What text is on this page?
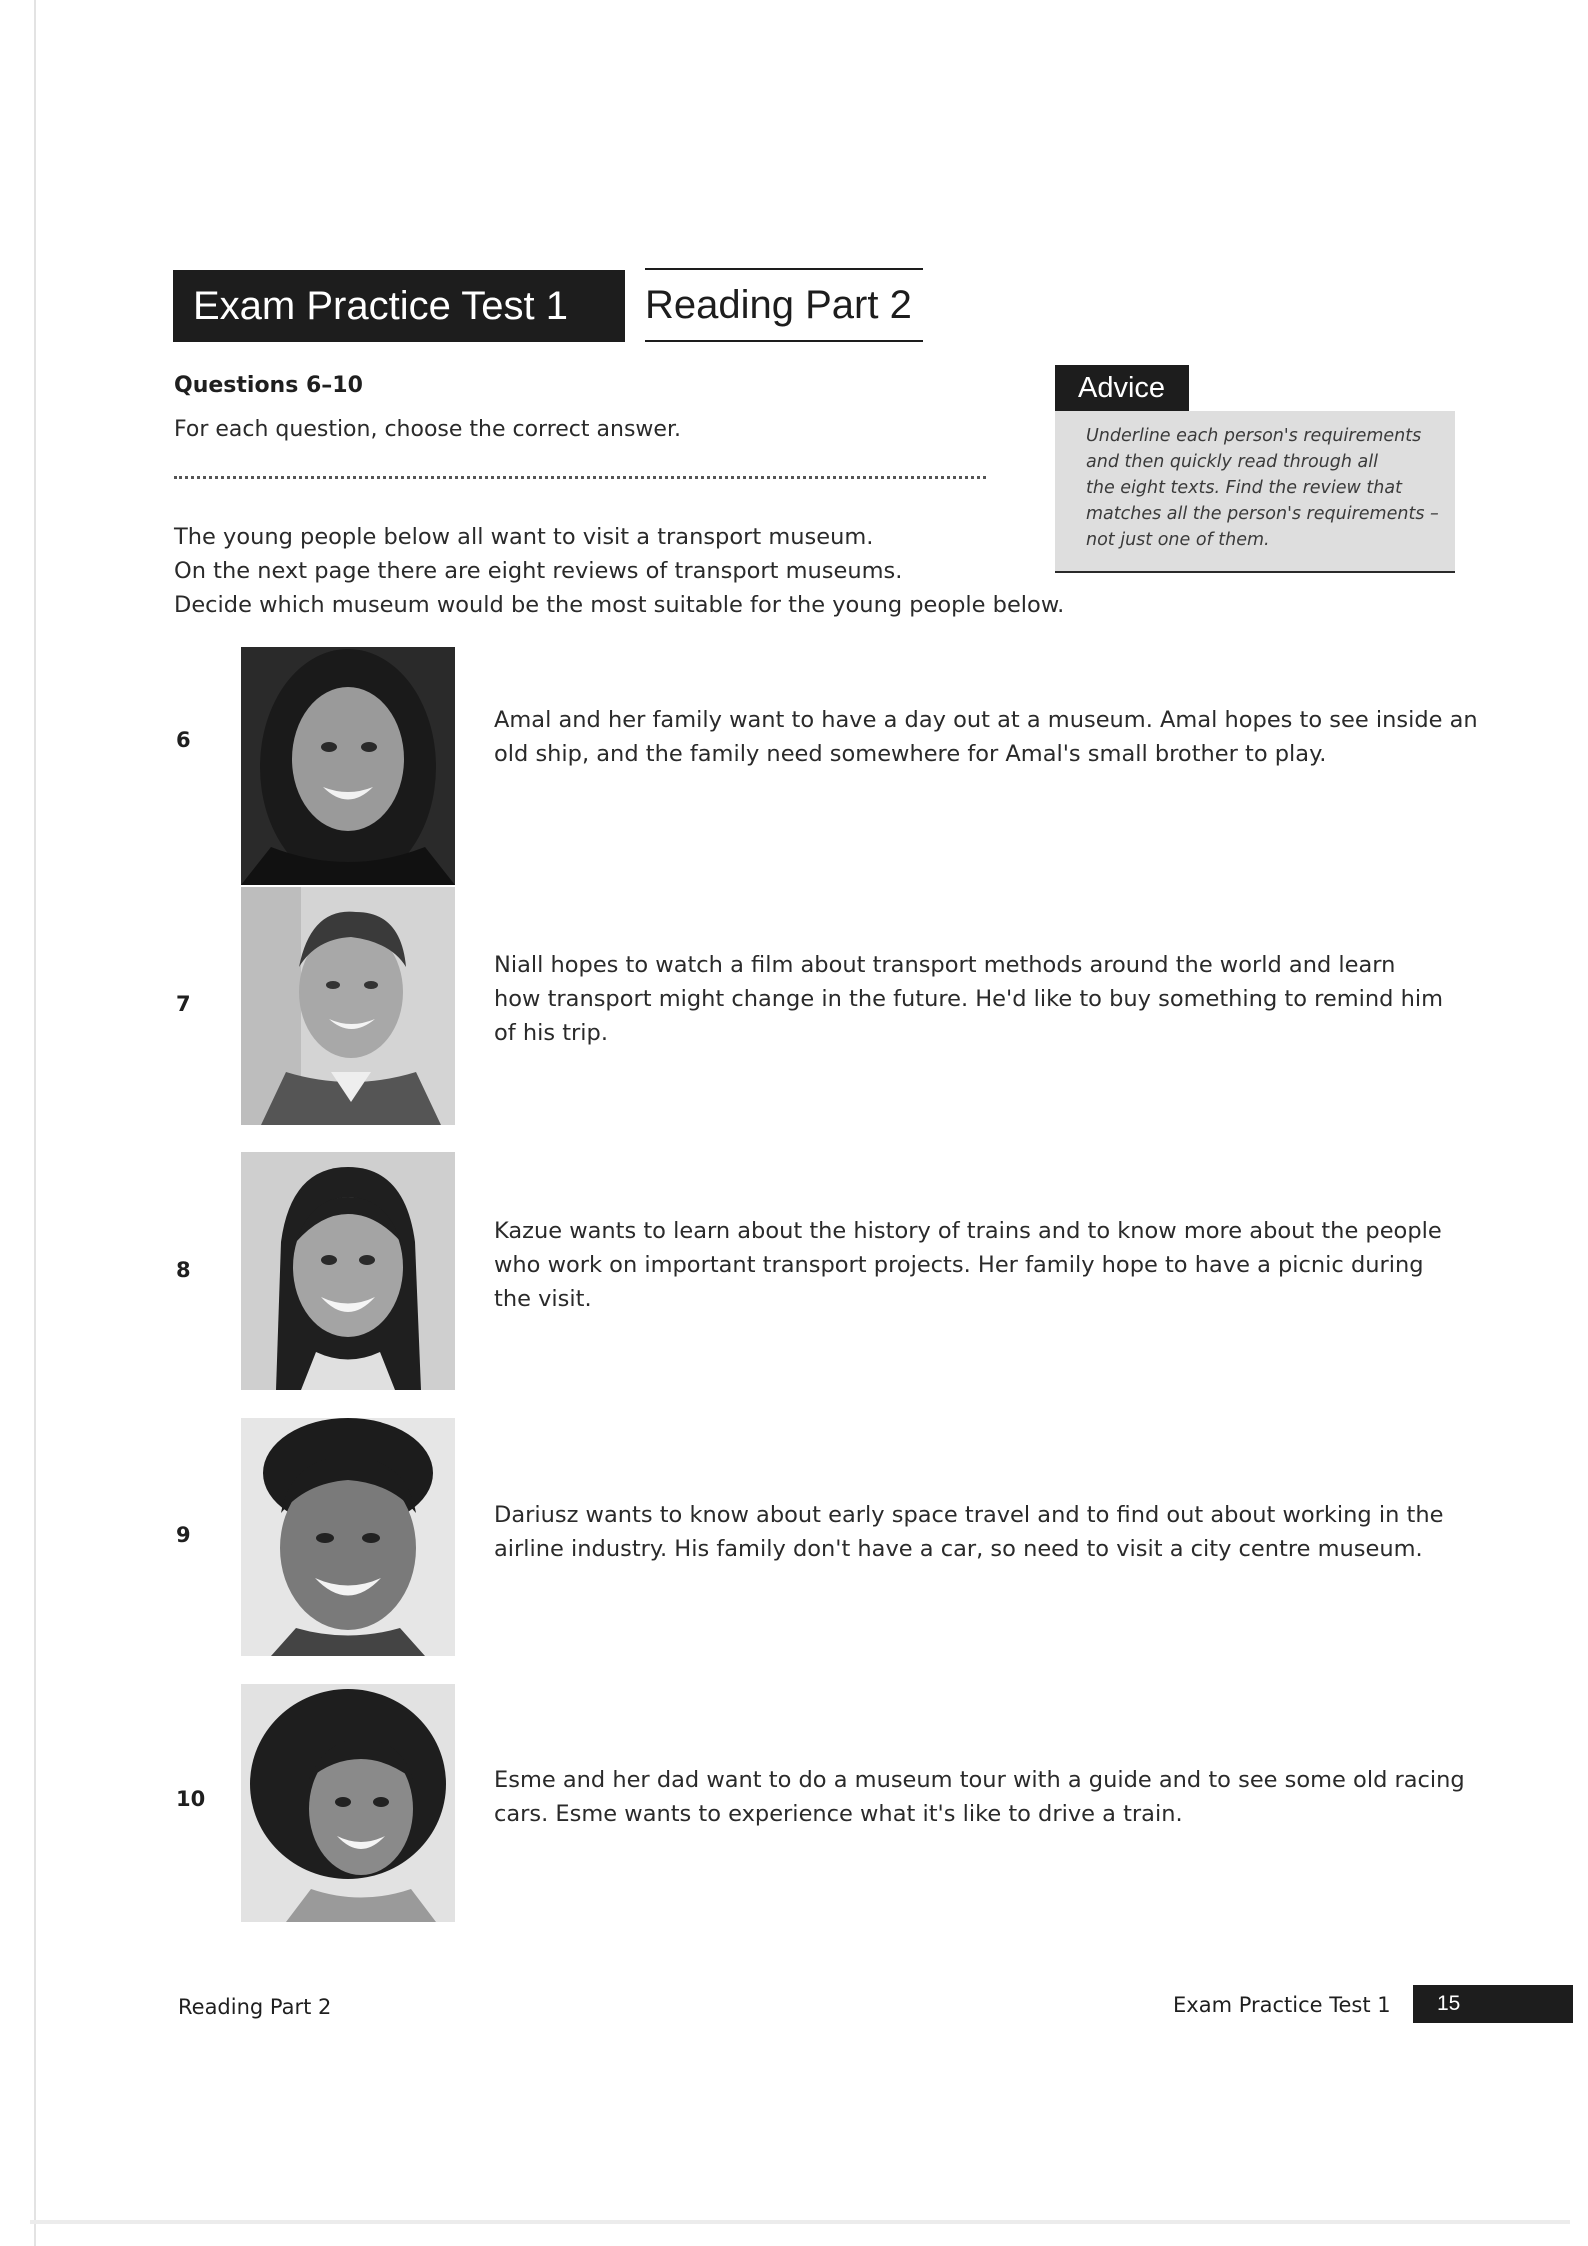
Exam Practice Test 1	Reading Part 2
Questions 6–10
For each question, choose the correct answer.
The young people below all want to visit a transport museum.
On the next page there are eight reviews of transport museums.
Decide which museum would be the most suitable for the young people below.
Advice
Underline each person's requirements
and then quickly read through all
the eight texts. Find the review that
matches all the person's requirements –
not just one of them.
6
Amal and her family want to have a day out at a museum. Amal hopes to see inside an
old ship, and the family need somewhere for Amal's small brother to play.
7
Niall hopes to watch a film about transport methods around the world and learn
how transport might change in the future. He'd like to buy something to remind him
of his trip.
8
Kazue wants to learn about the history of trains and to know more about the people
who work on important transport projects. Her family hope to have a picnic during
the visit.
9
Dariusz wants to know about early space travel and to find out about working in the
airline industry. His family don't have a car, so need to visit a city centre museum.
10
Esme and her dad want to do a museum tour with a guide and to see some old racing
cars. Esme wants to experience what it's like to drive a train.
Reading Part 2	Exam Practice Test 1	15
